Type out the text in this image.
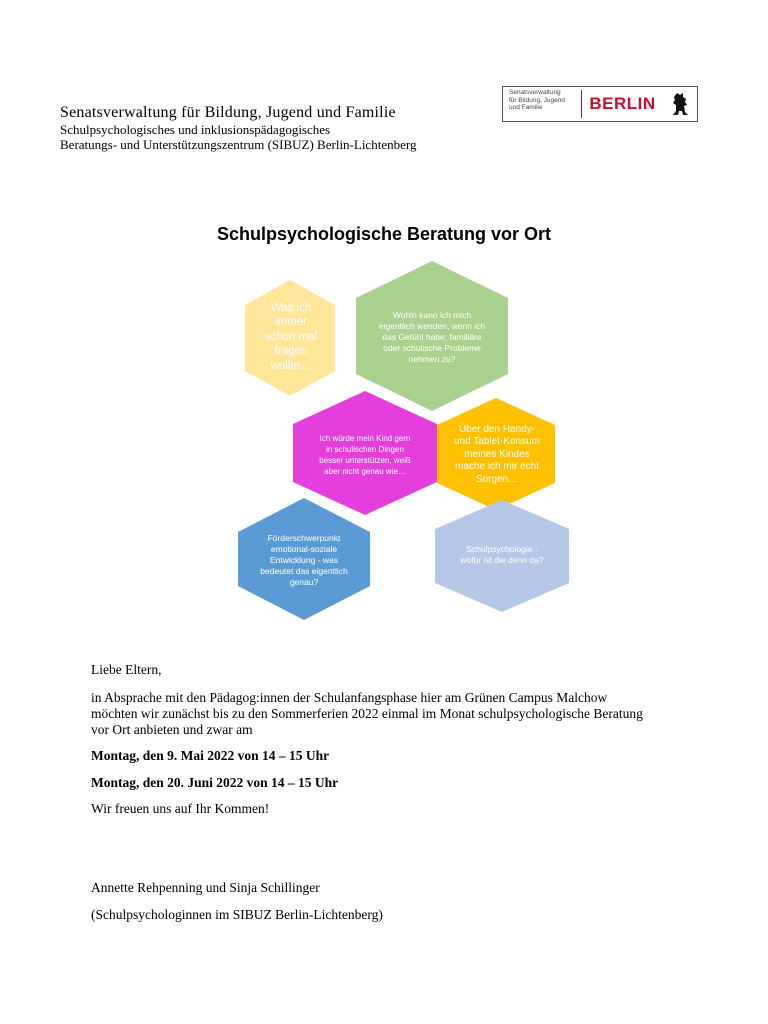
Senatsverwaltung für Bildung, Jugend und Familie
Schulpsychologisches und inklusionspädagogisches
Beratungs- und Unterstützungszentrum (SIBUZ) Berlin-Lichtenberg
Senatsverwaltung
für Bildung, Jugend
und Familie	BERLIN
Schulpsychologische Beratung vor Ort
Was ich immer schon mal fragen wollte…
Wohin kann ich mich eigentlich wenden, wenn ich das Gefühl habe, familiäre oder schulische Probleme nehmen zu?
Ich würde mein Kind gern in schulischen Dingen besser unterstützen, weiß aber nicht genau wie…
Über den Handy- und Tablet-Konsum meines Kindes mache ich mir echt Sorgen…
Förderschwerpunkt emotional-soziale Entwicklung - was bedeutet das eigentlich genau?
Schulpsychologie - wofür ist die denn da?
Liebe Eltern,
in Absprache mit den Pädagog:innen der Schulanfangsphase hier am Grünen Campus Malchow
möchten wir zunächst bis zu den Sommerferien 2022 einmal im Monat schulpsychologische Beratung
vor Ort anbieten und zwar am
Montag, den 9. Mai 2022 von 14 – 15 Uhr
Montag, den 20. Juni 2022 von 14 – 15 Uhr
Wir freuen uns auf Ihr Kommen!
Annette Rehpenning und Sinja Schillinger
(Schulpsychologinnen im SIBUZ Berlin-Lichtenberg)
